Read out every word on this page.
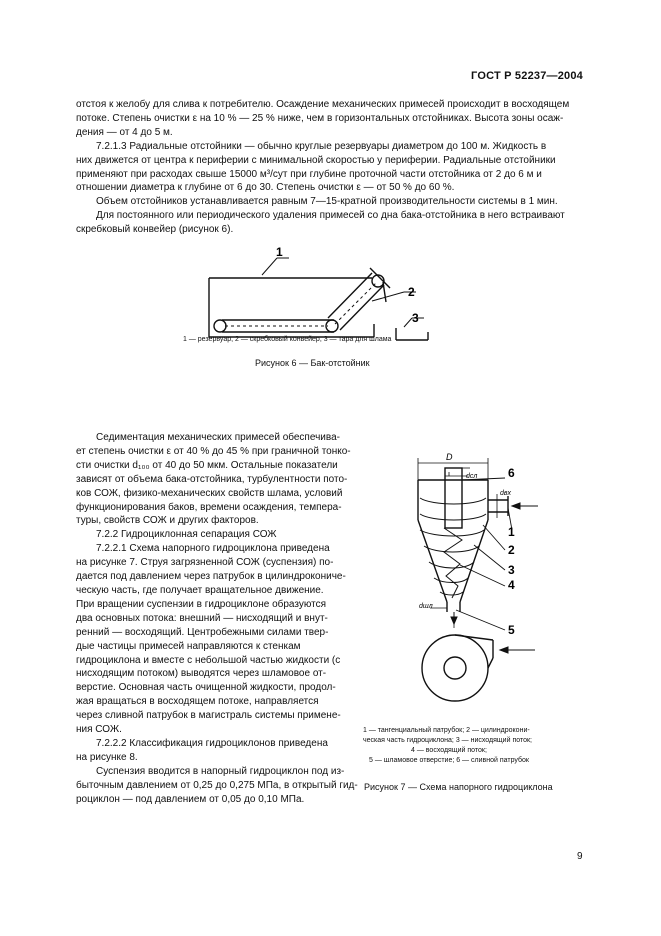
ГОСТ Р 52237—2004
отстоя к желобу для слива к потребителю. Осаждение механических примесей происходит в восходящем
потоке. Степень очистки ε на 10 % — 25 % ниже, чем в горизонтальных отстойниках. Высота зоны осаж-
дения — от 4 до 5 м.
7.2.1.3 Радиальные отстойники — обычно круглые резервуары диаметром до 100 м. Жидкость в
них движется от центра к периферии с минимальной скоростью у периферии. Радиальные отстойники
применяют при расходах свыше 15000 м³/сут при глубине проточной части отстойника от 2 до 6 м и
отношении диаметра к глубине от 6 до 30. Степень очистки ε — от 50 % до 60 %.
Объем отстойников устанавливается равным 7—15-кратной производительности системы в 1 мин.
Для постоянного или периодического удаления примесей со дна бака-отстойника в него встраивают
скребковый конвейер (рисунок 6).
1
2
3
1 — резервуар, 2 — скребковый конвейер, 3 — тара для шлама
Рисунок 6 — Бак-отстойник
Седиментация механических примесей обеспечива-
ет степень очистки ε от 40 % до 45 % при граничной тонко-
сти очистки d₁₀₀ от 40 до 50 мкм. Остальные показатели
зависят от объема бака-отстойника, турбулентности пото-
ков СОЖ, физико-механических свойств шлама, условий
функционирования баков, времени осаждения, темпера-
туры, свойств СОЖ и других факторов.
7.2.2 Гидроциклонная сепарация СОЖ
7.2.2.1 Схема напорного гидроциклона приведена
на рисунке 7. Струя загрязненной СОЖ (суспензия) по-
дается под давлением через патрубок в цилиндрокониче-
ческую часть, где получает вращательное движение.
При вращении суспензии в гидроциклоне образуются
два основных потока: внешний — нисходящий и внут-
ренний — восходящий. Центробежными силами твер-
дые частицы примесей направляются к стенкам
гидроциклона и вместе с небольшой частью жидкости (с
нисходящим потоком) выводятся через шламовое от-
верстие. Основная часть очищенной жидкости, продол-
жая вращаться в восходящем потоке, направляется
через сливной патрубок в магистраль системы примене-
ния СОЖ.
7.2.2.2 Классификация гидроциклонов приведена
на рисунке 8.
Суспензия вводится в напорный гидроциклон под из-
быточным давлением от 0,25 до 0,275 МПа, в открытый гид-
роциклон — под давлением от 0,05 до 0,10 МПа.
D
dсл
dвх
dшл
6
1
2
3
4
5
1 — тангенциальный патрубок; 2 — цилиндрокони-
ческая часть гидроциклона; 3 — нисходящий поток;
4 — восходящий поток;
5 — шламовое отверстие; 6 — сливной патрубок
Рисунок 7 — Схема напорного гидроциклона
9
